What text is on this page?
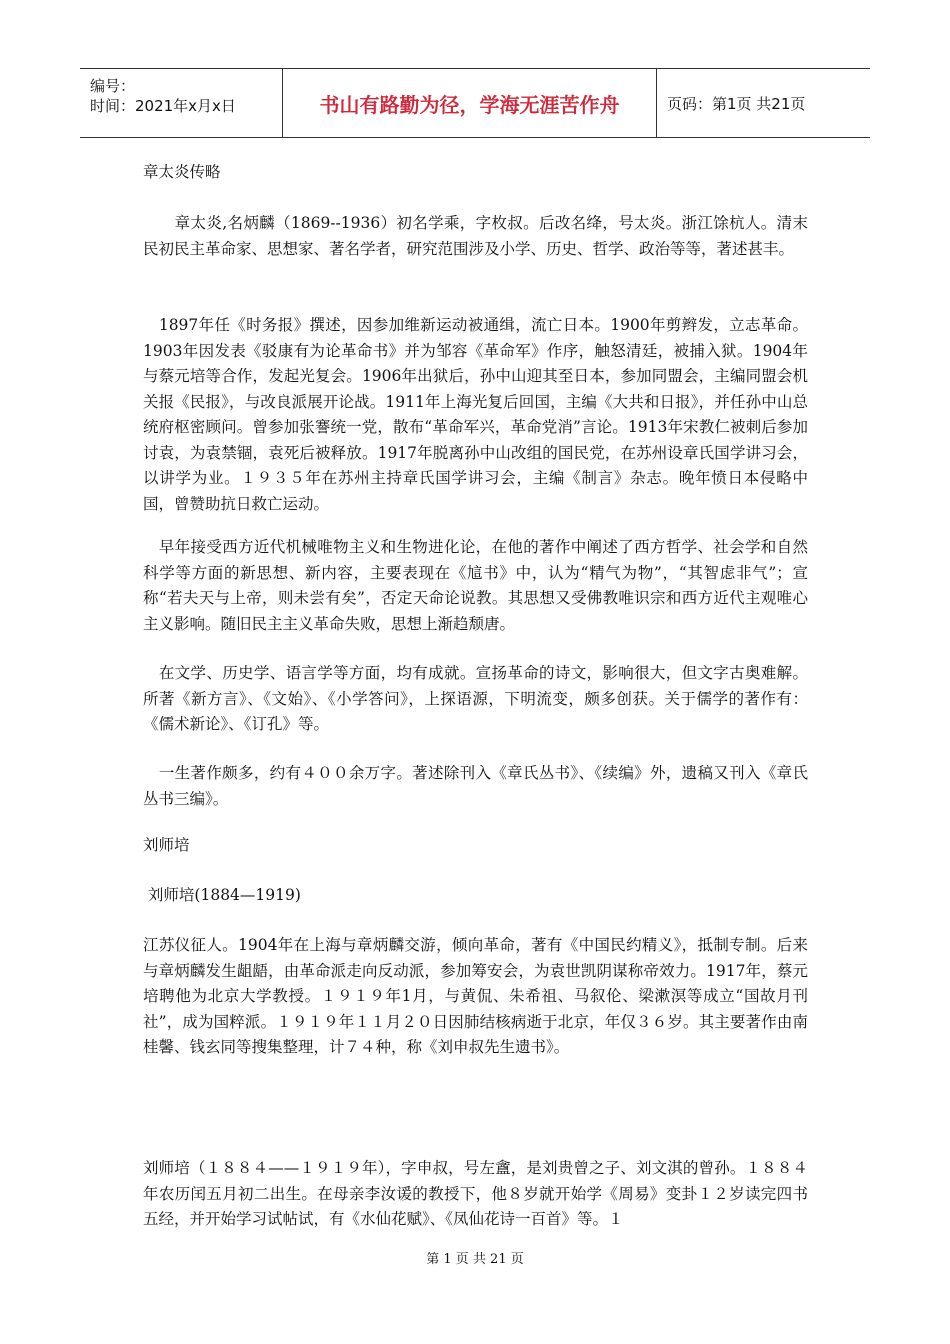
编号：
时间：2021年x月x日	书山有路勤为径，学海无涯苦作舟	页码：第1页 共21页
章太炎传略
　　章太炎,名炳麟（1869--1936）初名学乘，字枚叔。后改名绛，号太炎。浙江馀杭人。清末民初民主革命家、思想家、著名学者，研究范围涉及小学、历史、哲学、政治等等，著述甚丰。
　1897年任《时务报》撰述，因参加维新运动被通缉，流亡日本。1900年剪辫发，立志革命。1903年因发表《驳康有为论革命书》并为邹容《革命军》作序，触怒清廷，被捕入狱。1904年与蔡元培等合作，发起光复会。1906年出狱后，孙中山迎其至日本，参加同盟会，主编同盟会机关报《民报》，与改良派展开论战。1911年上海光复后回国，主编《大共和日报》，并任孙中山总统府枢密顾问。曾参加张謇统一党，散布“革命军兴，革命党消”言论。1913年宋教仁被刺后参加讨袁，为袁禁锢，袁死后被释放。1917年脱离孙中山改组的国民党，在苏州设章氏国学讲习会，以讲学为业。１９３５年在苏州主持章氏国学讲习会，主编《制言》杂志。晚年愤日本侵略中国，曾赞助抗日救亡运动。
　早年接受西方近代机械唯物主义和生物进化论，在他的著作中阐述了西方哲学、社会学和自然科学等方面的新思想、新内容，主要表现在《訄书》中，认为“精气为物”，“其智虑非气”；宣称“若夫天与上帝，则未尝有矣”，否定天命论说教。其思想又受佛教唯识宗和西方近代主观唯心主义影响。随旧民主主义革命失败，思想上渐趋颓唐。
　在文学、历史学、语言学等方面，均有成就。宣扬革命的诗文，影响很大，但文字古奥难解。所著《新方言》、《文始》、《小学答问》，上探语源，下明流变，颇多创获。关于儒学的著作有：《儒术新论》、《订孔》等。
　一生著作颇多，约有４００余万字。著述除刊入《章氏丛书》、《续编》外，遗稿又刊入《章氏丛书三编》。
刘师培
刘师培(1884—1919)
江苏仪征人。1904年在上海与章炳麟交游，倾向革命，著有《中国民约精义》，抵制专制。后来与章炳麟发生龃龉，由革命派走向反动派，参加筹安会，为袁世凯阴谋称帝效力。1917年，蔡元培聘他为北京大学教授。１９１９年1月，与黄侃、朱希祖、马叙伦、梁漱溟等成立“国故月刊社”，成为国粹派。１９１９年１１月２０日因肺结核病逝于北京，年仅３６岁。其主要著作由南桂馨、钱玄同等搜集整理，计７４种，称《刘申叔先生遗书》。
刘师培（１８８４——１９１９年），字申叔，号左盦，是刘贵曾之子、刘文淇的曾孙。１８８４年农历闰五月初二出生。在母亲李汝谖的教授下，他８岁就开始学《周易》变卦１２岁读完四书五经，并开始学习试帖试，有《水仙花赋》、《凤仙花诗一百首》等。１
第 1 页 共 21 页
